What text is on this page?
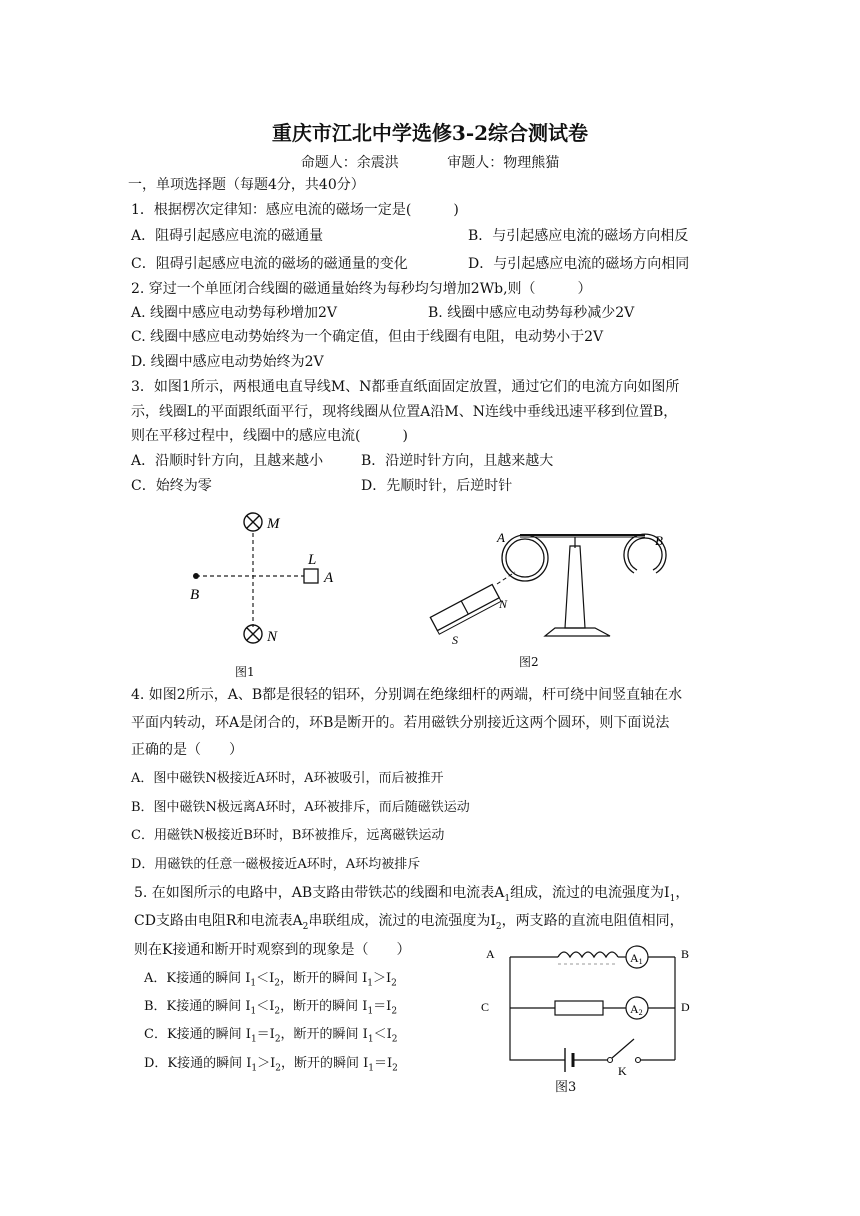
重庆市江北中学选修3-2综合测试卷
命题人：余震洪	审题人：物理熊猫
一，单项选择题（每题4分，共40分）
1．根据楞次定律知：感应电流的磁场一定是(　　　)
A．阻碍引起感应电流的磁通量	B．与引起感应电流的磁场方向相反
C．阻碍引起感应电流的磁场的磁通量的变化	D．与引起感应电流的磁场方向相同
2. 穿过一个单匝闭合线圈的磁通量始终为每秒均匀增加2Wb,则（　　　）
A. 线圈中感应电动势每秒增加2V	B. 线圈中感应电动势每秒减少2V
C. 线圈中感应电动势始终为一个确定值，但由于线圈有电阻，电动势小于2V
D. 线圈中感应电动势始终为2V
3．如图1所示，两根通电直导线M、N都垂直纸面固定放置，通过它们的电流方向如图所
示，线圈L的平面跟纸面平行，现将线圈从位置A沿M、N连线中垂线迅速平移到位置B，
则在平移过程中，线圈中的感应电流(　　　)
A．沿顺时针方向，且越来越小	B．沿逆时针方向，且越来越大
C．始终为零	D．先顺时针，后逆时针
M
N
L
A
B
图1
A	B
N
S
图2
4. 如图2所示，A、B都是很轻的铝环，分别调在绝缘细杆的两端，杆可绕中间竖直轴在水
平面内转动，环A是闭合的，环B是断开的。若用磁铁分别接近这两个圆环，则下面说法
正确的是（　　）
A．图中磁铁N极接近A环时，A环被吸引，而后被推开
B．图中磁铁N极远离A环时，A环被排斥，而后随磁铁运动
C．用磁铁N极接近B环时，B环被推斥，远离磁铁运动
D．用磁铁的任意一磁极接近A环时，A环均被排斥
5. 在如图所示的电路中，AB支路由带铁芯的线圈和电流表$A_1$组成，流过的电流强度为$I_1$，
CD支路由电阻R和电流表$A_2$串联组成，流过的电流强度为$I_2$，两支路的直流电阻值相同，
则在K接通和断开时观察到的现象是（　　）
A．K接通的瞬间 $I_1<I_2$，断开的瞬间 $I_1>I_2$
B．K接通的瞬间 $I_1<I_2$，断开的瞬间 $I_1=I_2$
C．K接通的瞬间 $I_1=I_2$，断开的瞬间 $I_1<I_2$
D．K接通的瞬间 $I_1>I_2$，断开的瞬间 $I_1=I_2$
A1
A2
A	B
C	D
K
图3
